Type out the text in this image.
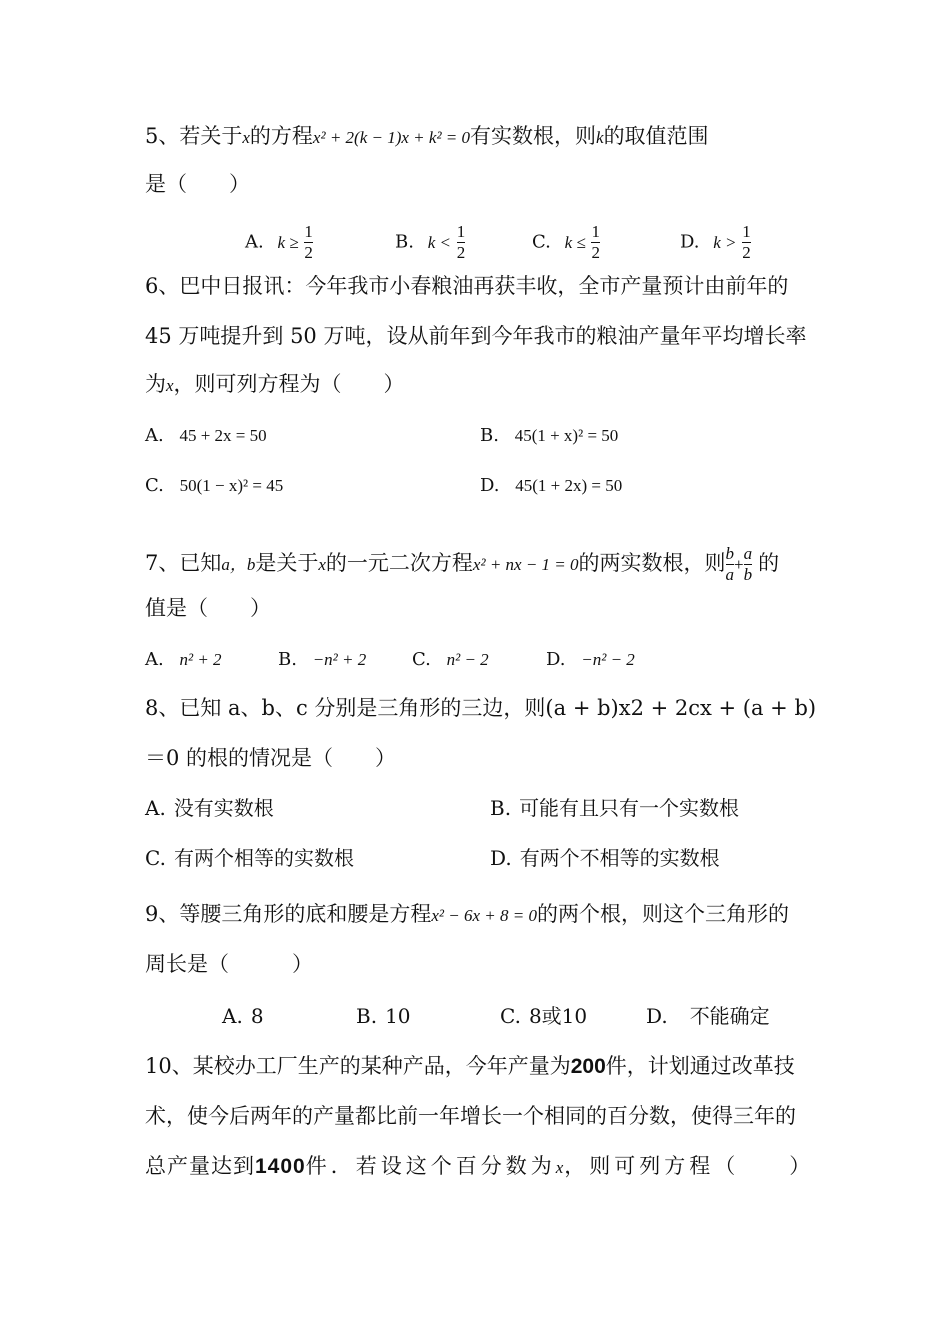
5、若关于x的方程x² + 2(k − 1)x + k² = 0有实数根，则k的取值范围
是（　　）
A. $k \ge \frac{1}{2}$	B. $k < \frac{1}{2}$	C. $k \le \frac{1}{2}$	D. $k > \frac{1}{2}$
6、巴中日报讯：今年我市小春粮油再获丰收，全市产量预计由前年的
45 万吨提升到 50 万吨，设从前年到今年我市的粮油产量年平均增长率
为x，则可列方程为（　　）
A. 45 + 2x = 50	B. 45(1 + x)² = 50
C. 50(1 − x)² = 45	D. 45(1 + 2x) = 50
7、已知a，b是关于x的一元二次方程x² + nx − 1 = 0的两实数根，则 $\frac{b}{a} + \frac{a}{b}$ 的
值是（　　）
A. n² + 2	B. −n² + 2	C. n² − 2	D. −n² − 2
8、已知 a、b、c 分别是三角形的三边，则(a + b)x2 + 2cx + (a + b)
＝0 的根的情况是（　　）
A. 没有实数根	B. 可能有且只有一个实数根
C. 有两个相等的实数根	D. 有两个不相等的实数根
9、等腰三角形的底和腰是方程x² − 6x + 8 = 0的两个根，则这个三角形的
周长是（　　　）
A. 8	B. 10	C. 8或10	D. 不能确定
10、某校办工厂生产的某种产品，今年产量为200件，计划通过改革技
术，使今后两年的产量都比前一年增长一个相同的百分数，使得三年的
总产量达到1400件．若设这个百分数为x，则可列方程（　　）
